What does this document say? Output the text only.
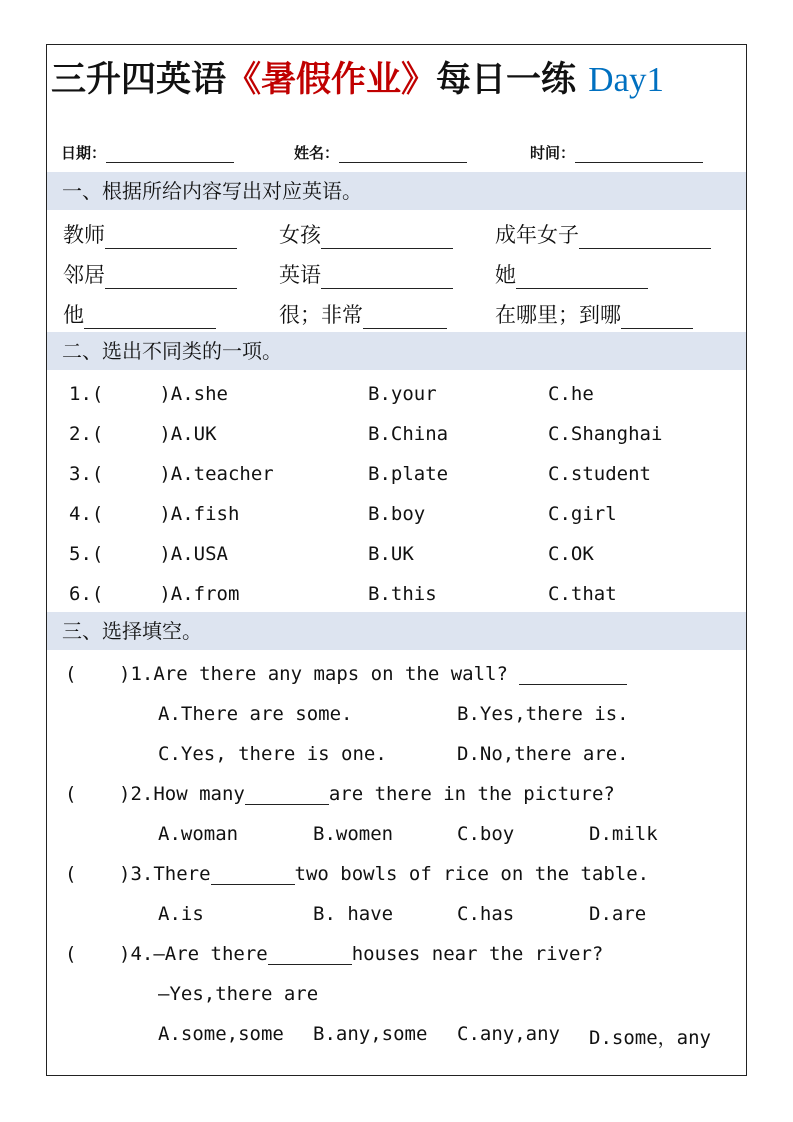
三升四英语《暑假作业》每日一练 Day1
日期：	姓名：	时间：
一、根据所给内容写出对应英语。
教师	女孩	成年女子
邻居	英语	她
他	很；非常	在哪里；到哪
二、选出不同类的一项。
1.(	)A.she	B.your	C.he
2.(	)A.UK	B.China	C.Shanghai
3.(	)A.teacher	B.plate	C.student
4.(	)A.fish	B.boy	C.girl
5.(	)A.USA	B.UK	C.OK
6.(	)A.from	B.this	C.that
三、选择填空。
( )1.Are there any maps on the wall?
A.There are some.	B.Yes,there is.
C.Yes, there is one.	D.No,there are.
( )2.How many	are there in the picture?
A.woman	B.women	C.boy	D.milk
( )3.There	two bowls of rice on the table.
A.is	B. have	C.has	D.are
( )4.—Are there	houses near the river?
—Yes,there are
A.some,some B.any,some C.any,any D.some，any
